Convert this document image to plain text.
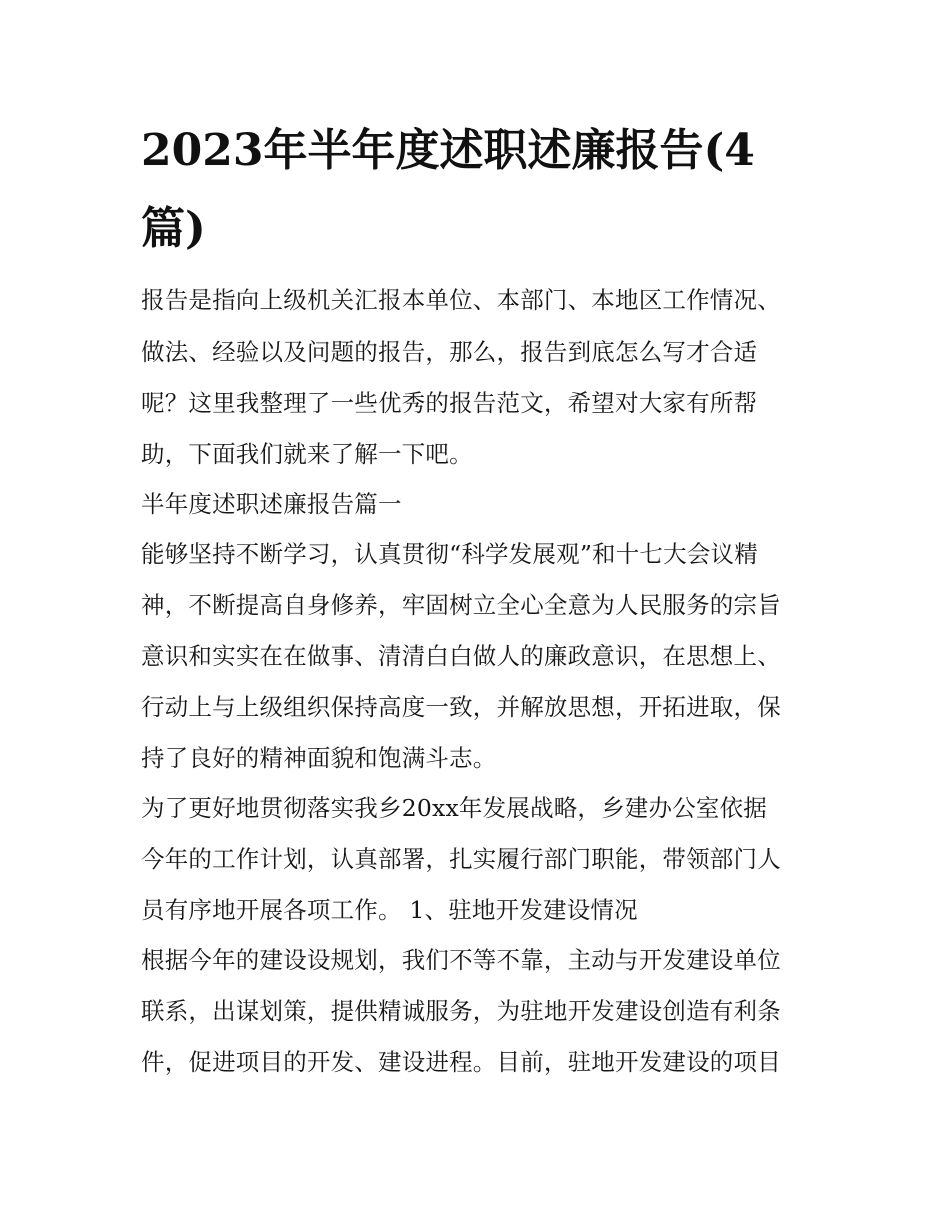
2023年半年度述职述廉报告(4
篇)
报告是指向上级机关汇报本单位、本部门、本地区工作情况、
做法、经验以及问题的报告，那么，报告到底怎么写才合适
呢？这里我整理了一些优秀的报告范文，希望对大家有所帮
助，下面我们就来了解一下吧。
半年度述职述廉报告篇一
能够坚持不断学习，认真贯彻“科学发展观”和十七大会议精
神，不断提高自身修养，牢固树立全心全意为人民服务的宗旨
意识和实实在在做事、清清白白做人的廉政意识，在思想上、
行动上与上级组织保持高度一致，并解放思想，开拓进取，保
持了良好的精神面貌和饱满斗志。
为了更好地贯彻落实我乡20xx年发展战略，乡建办公室依据
今年的工作计划，认真部署，扎实履行部门职能，带领部门人
员有序地开展各项工作。 1、驻地开发建设情况
根据今年的建设设规划，我们不等不靠，主动与开发建设单位
联系，出谋划策，提供精诚服务，为驻地开发建设创造有利条
件，促进项目的开发、建设进程。目前，驻地开发建设的项目
